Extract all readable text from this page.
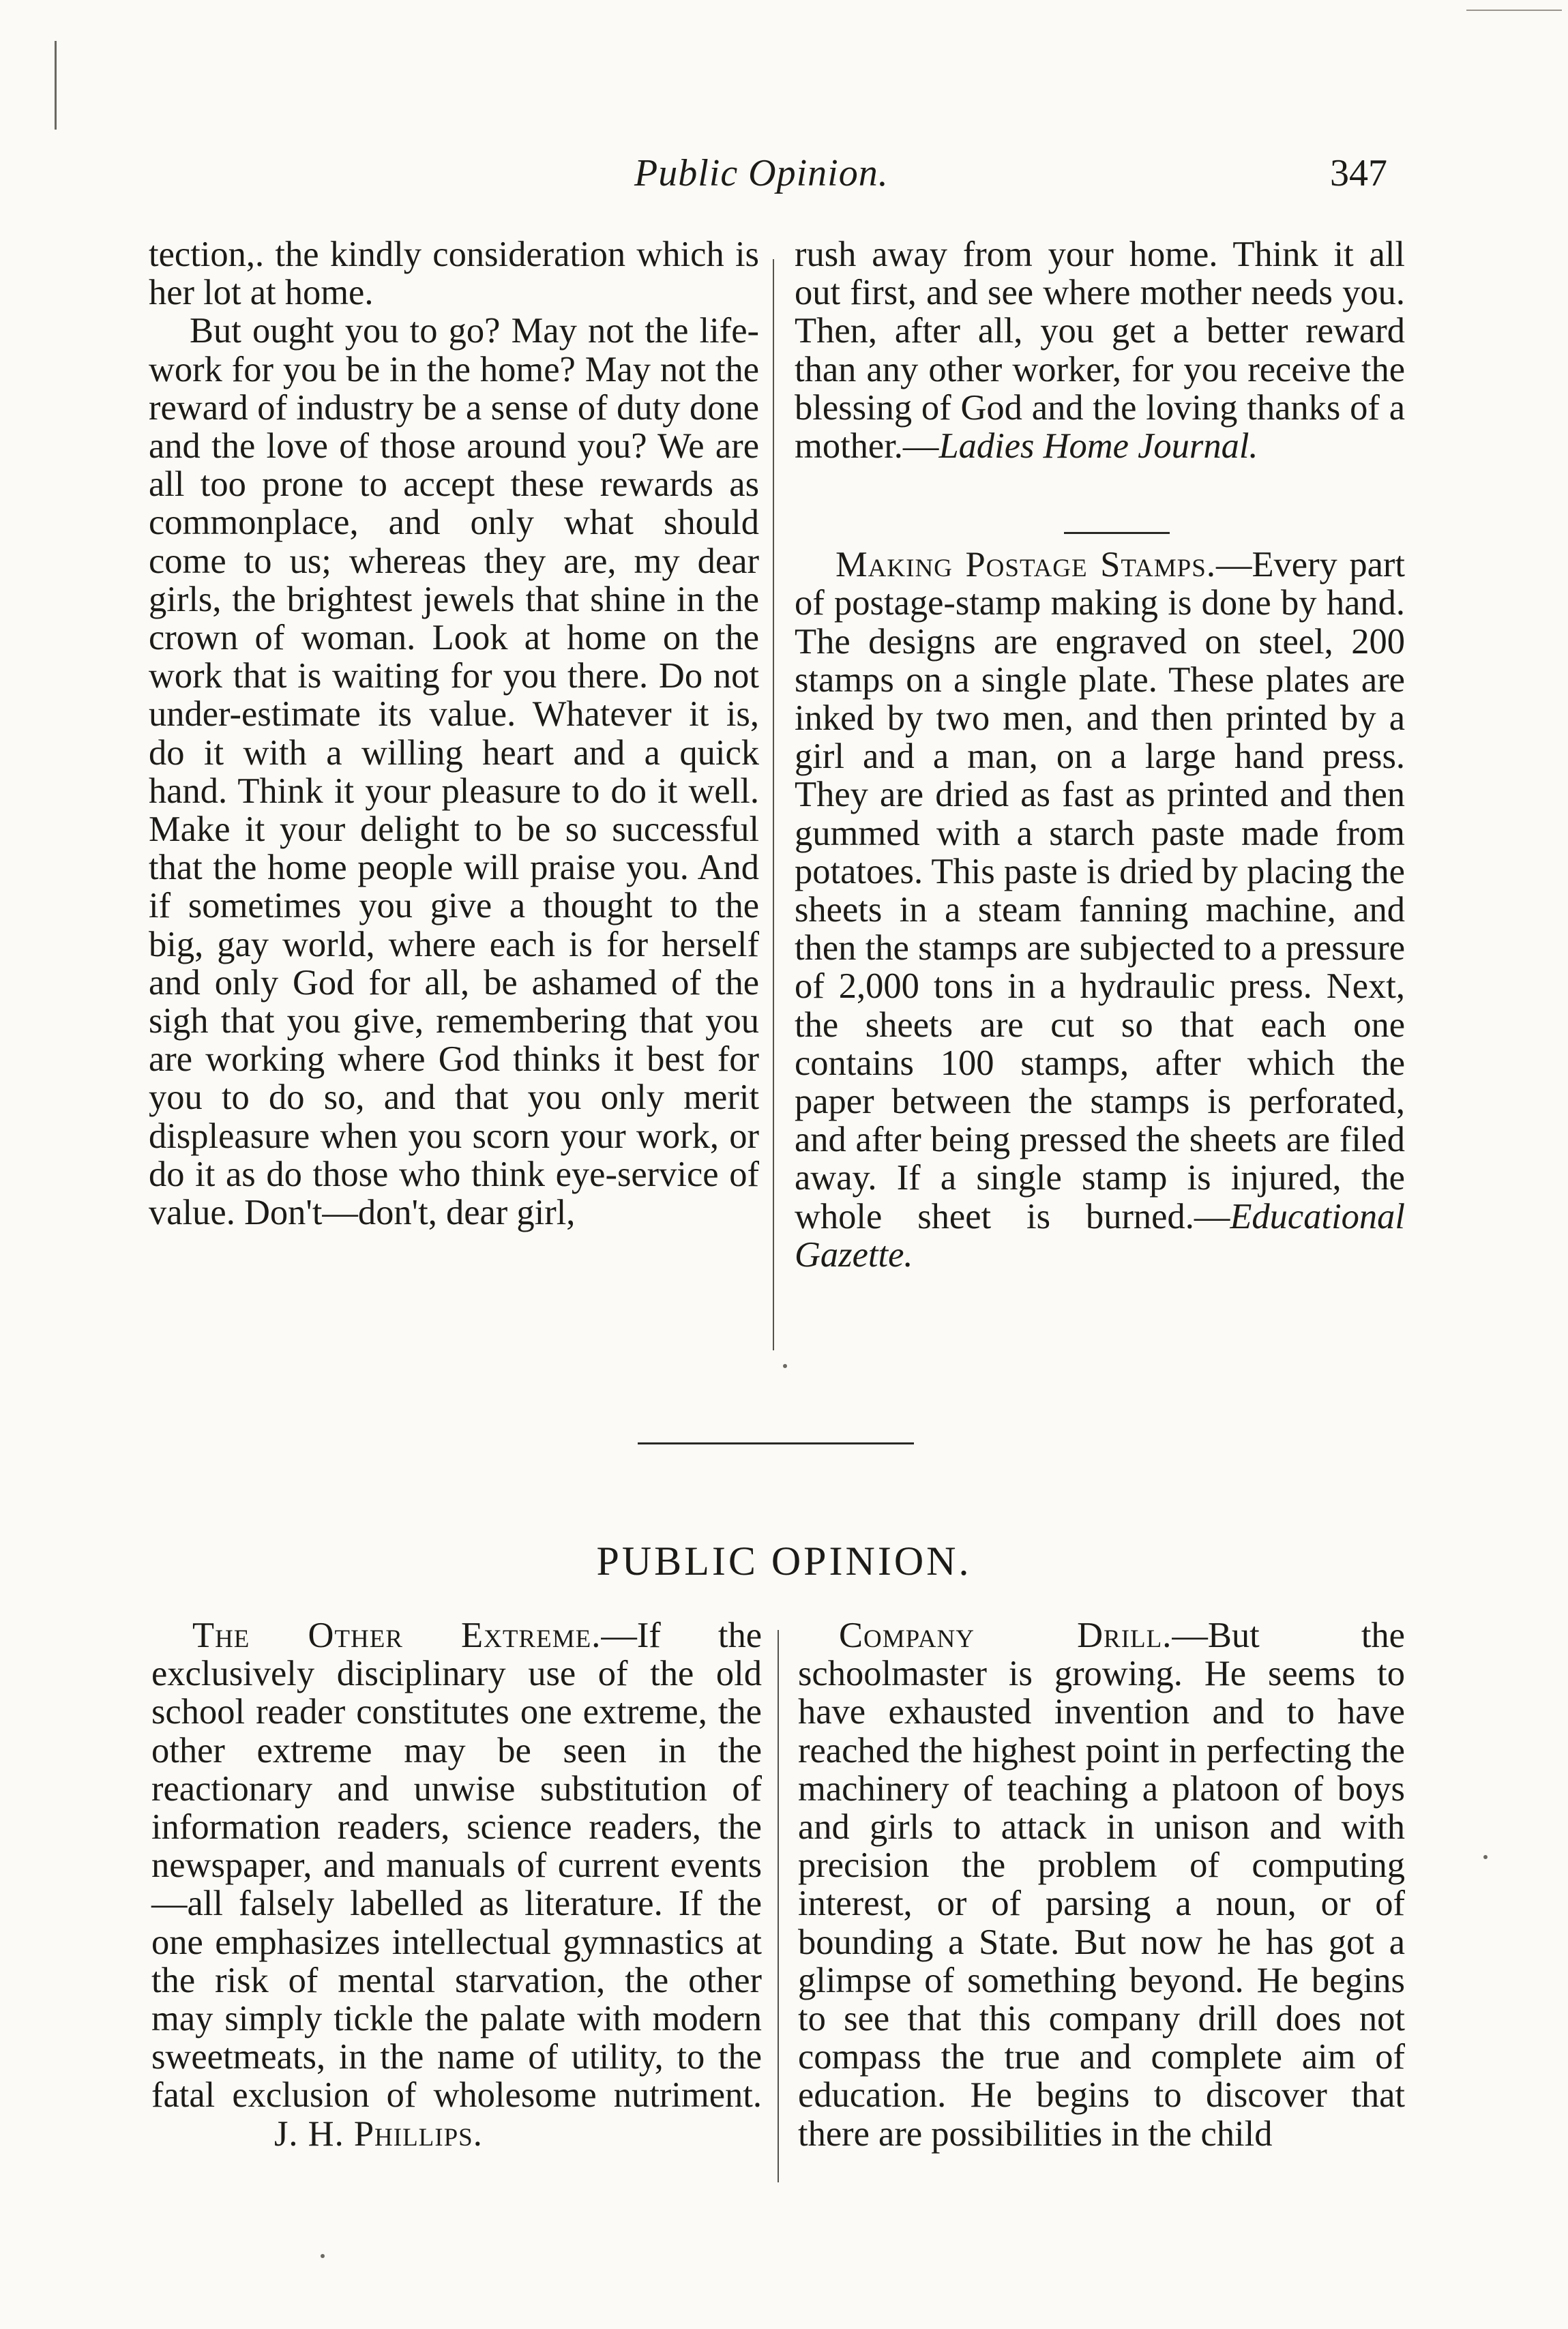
Public Opinion.	347

tection,. the kindly consideration which is her lot at home.

But ought you to go? May not the life-work for you be in the home? May not the reward of industry be a sense of duty done and the love of those around you? We are all too prone to accept these rewards as commonplace, and only what should come to us; whereas they are, my dear girls, the brightest jewels that shine in the crown of woman. Look at home on the work that is waiting for you there. Do not under-estimate its value. Whatever it is, do it with a willing heart and a quick hand. Think it your pleasure to do it well. Make it your delight to be so successful that the home people will praise you. And if sometimes you give a thought to the big, gay world, where each is for herself and only God for all, be ashamed of the sigh that you give, remembering that you are working where God thinks it best for you to do so, and that you only merit displeasure when you scorn your work, or do it as do those who think eye-service of value. Don't—don't, dear girl,

rush away from your home. Think it all out first, and see where mother needs you. Then, after all, you get a better reward than any other worker, for you receive the blessing of God and the loving thanks of a mother.—Ladies Home Journal.

Making Postage Stamps.—Every part of postage-stamp making is done by hand. The designs are engraved on steel, 200 stamps on a single plate. These plates are inked by two men, and then printed by a girl and a man, on a large hand press. They are dried as fast as printed and then gummed with a starch paste made from potatoes. This paste is dried by placing the sheets in a steam fanning machine, and then the stamps are subjected to a pressure of 2,000 tons in a hydraulic press. Next, the sheets are cut so that each one contains 100 stamps, after which the paper between the stamps is perforated, and after being pressed the sheets are filed away. If a single stamp is injured, the whole sheet is burned.—Educational Gazette.

PUBLIC OPINION.

The Other Extreme.—If the exclusively disciplinary use of the old school reader constitutes one extreme, the other extreme may be seen in the reactionary and unwise substitution of information readers, science readers, the newspaper, and manuals of current events—all falsely labelled as literature. If the one emphasizes intellectual gymnastics at the risk of mental starvation, the other may simply tickle the palate with modern sweetmeats, in the name of utility, to the fatal exclusion of wholesome nutriment.J. H. Phillips.

Company Drill.—But the schoolmaster is growing. He seems to have exhausted invention and to have reached the highest point in perfecting the machinery of teaching a platoon of boys and girls to attack in unison and with precision the problem of computing interest, or of parsing a noun, or of bounding a State. But now he has got a glimpse of something beyond. He begins to see that this company drill does not compass the true and complete aim of education. He begins to discover that there are possibilities in the child
